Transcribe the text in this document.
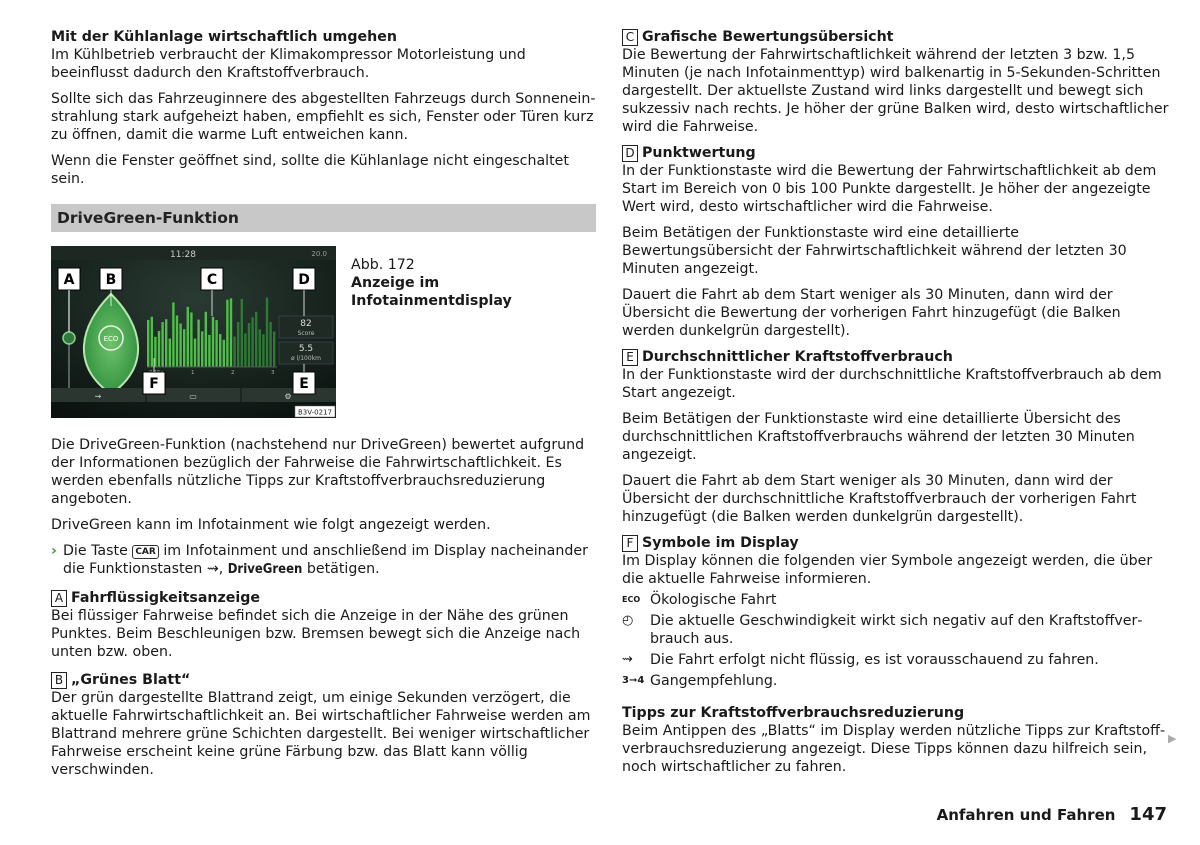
Mit der Kühlanlage wirtschaftlich umgehen

Im Kühlbetrieb verbraucht der Klimakompressor Motorleistung und beeinflusst dadurch den Kraftstoffverbrauch.

Sollte sich das Fahrzeuginnere des abgestellten Fahrzeugs durch Sonneneinstrahlung stark aufgeheizt haben, empfiehlt es sich, Fenster oder Türen kurz zu öffnen, damit die warme Luft entweichen kann.

Wenn die Fenster geöffnet sind, sollte die Kühlanlage nicht eingeschaltet sein.

DriveGreen-Funktion
11:28	20.0
ECO
1	2	3
82
Score
5.5
ø l/100km
⇝	▭	⚙
A B	C	D
E
F
B3V-0217
Abb. 172
Anzeige im Infotainmentdisplay

Die DriveGreen-Funktion (nachstehend nur DriveGreen) bewertet aufgrund der Informationen bezüglich der Fahrweise die Fahrwirtschaftlichkeit. Es werden ebenfalls nützliche Tipps zur Kraftstoffverbrauchsreduzierung angeboten.

DriveGreen kann im Infotainment wie folgt angezeigt werden.

› Die Taste CAR im Infotainment und anschließend im Display nacheinander die Funktionstasten ⇝, DriveGreen betätigen.
A Fahrflüssigkeitsanzeige

Bei flüssiger Fahrweise befindet sich die Anzeige in der Nähe des grünen Punktes. Beim Beschleunigen bzw. Bremsen bewegt sich die Anzeige nach unten bzw. oben.

B „Grünes Blatt“

Der grün dargestellte Blattrand zeigt, um einige Sekunden verzögert, die aktuelle Fahrwirtschaftlichkeit an. Bei wirtschaftlicher Fahrweise werden am Blattrand mehrere grüne Schichten dargestellt. Bei weniger wirtschaftlicher Fahrweise erscheint keine grüne Färbung bzw. das Blatt kann völlig verschwinden.

C Grafische Bewertungsübersicht

Die Bewertung der Fahrwirtschaftlichkeit während der letzten 3 bzw. 1,5 Minuten (je nach Infotainmenttyp) wird balkenartig in 5-Sekunden-Schritten dargestellt. Der aktuellste Zustand wird links dargestellt und bewegt sich sukzessiv nach rechts. Je höher der grüne Balken wird, desto wirtschaftlicher wird die Fahrweise.

D Punktwertung

In der Funktionstaste wird die Bewertung der Fahrwirtschaftlichkeit ab dem Start im Bereich von 0 bis 100 Punkte dargestellt. Je höher der angezeigte Wert wird, desto wirtschaftlicher wird die Fahrweise.

Beim Betätigen der Funktionstaste wird eine detaillierte Bewertungsübersicht der Fahrwirtschaftlichkeit während der letzten 30 Minuten angezeigt.

Dauert die Fahrt ab dem Start weniger als 30 Minuten, dann wird der Übersicht die Bewertung der vorherigen Fahrt hinzugefügt (die Balken werden dunkelgrün dargestellt).

E Durchschnittlicher Kraftstoffverbrauch

In der Funktionstaste wird der durchschnittliche Kraftstoffverbrauch ab dem Start angezeigt.

Beim Betätigen der Funktionstaste wird eine detaillierte Übersicht des durchschnittlichen Kraftstoffverbrauchs während der letzten 30 Minuten angezeigt.

Dauert die Fahrt ab dem Start weniger als 30 Minuten, dann wird der Übersicht der durchschnittliche Kraftstoffverbrauch der vorherigen Fahrt hinzugefügt (die Balken werden dunkelgrün dargestellt).

F Symbole im Display

Im Display können die folgenden vier Symbole angezeigt werden, die über die aktuelle Fahrweise informieren.

ECO Ökologische Fahrt
◴	Die aktuelle Geschwindigkeit wirkt sich negativ auf den Kraftstoffverbrauch aus.
⇝	Die Fahrt erfolgt nicht flüssig, es ist vorausschauend zu fahren.
3➞4 Gangempfehlung.
Tipps zur Kraftstoffverbrauchsreduzierung

Beim Antippen des „Blatts“ im Display werden nützliche Tipps zur Kraftstoffverbrauchsreduzierung angezeigt. Diese Tipps können dazu hilfreich sein, noch wirtschaftlicher zu fahren.

▶
Anfahren und Fahren 147
